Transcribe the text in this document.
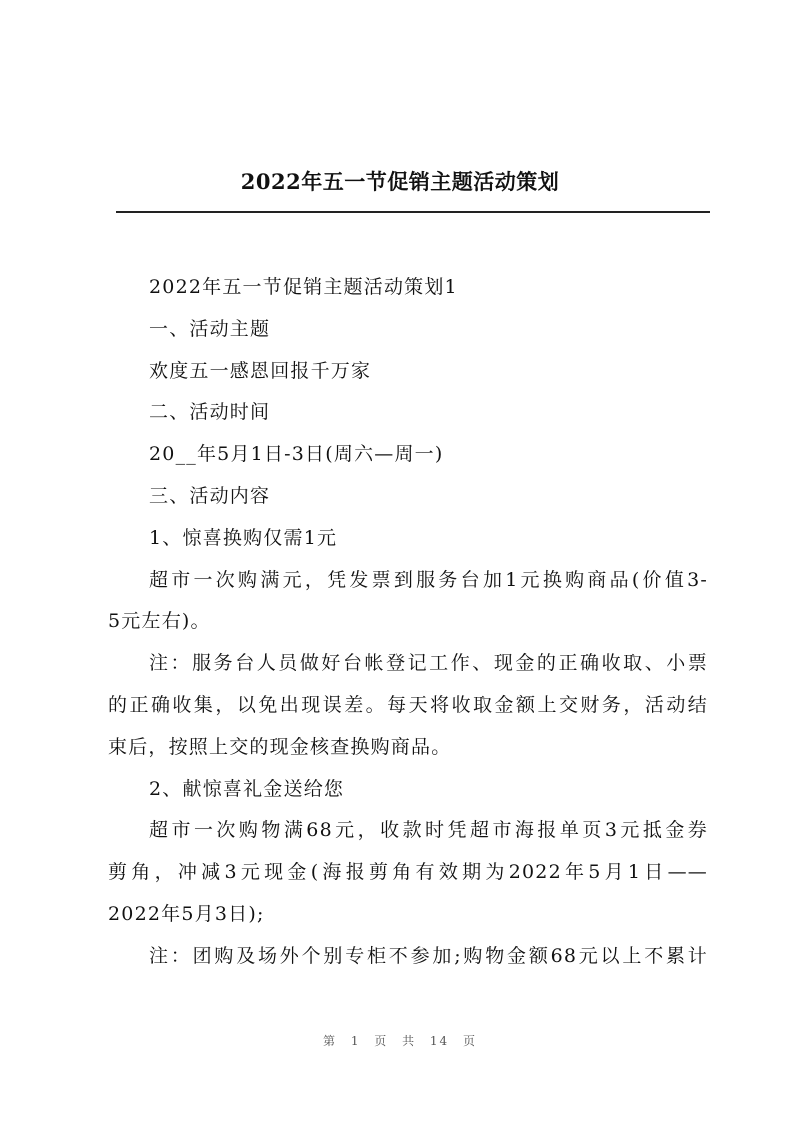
2022年五一节促销主题活动策划
2022年五一节促销主题活动策划1
一、活动主题
欢度五一感恩回报千万家
二、活动时间
20__年5月1日-3日(周六—周一)
三、活动内容
1、惊喜换购仅需1元
超市一次购满元，凭发票到服务台加1元换购商品(价值3-
5元左右)。
注：服务台人员做好台帐登记工作、现金的正确收取、小票
的正确收集，以免出现误差。每天将收取金额上交财务，活动结
束后，按照上交的现金核查换购商品。
2、献惊喜礼金送给您
超市一次购物满68元，收款时凭超市海报单页3元抵金券
剪角，冲减3元现金(海报剪角有效期为2022年5月1日——
2022年5月3日);
注：团购及场外个别专柜不参加;购物金额68元以上不累计
第 1 页 共 14 页
